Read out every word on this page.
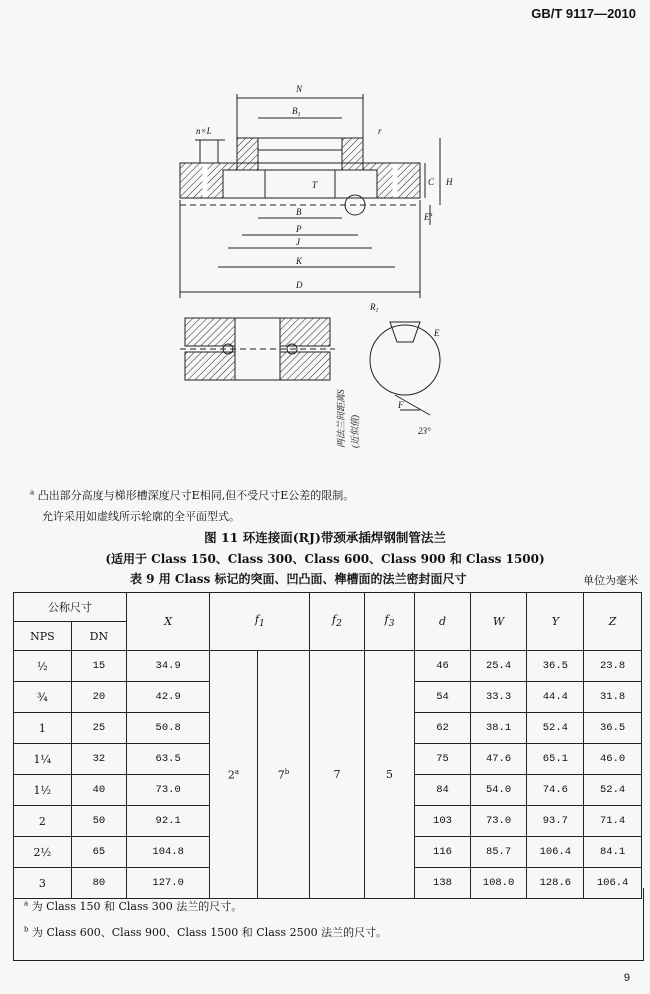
GB/T 9117—2010
N
$B_1$
n×L	r
T	C H
$E^a$
B
P
J
K
D
$R_1$
E
F
23°
两法兰间距离S (近似值)
$^a$ 凸出部分高度与梯形槽深度尺寸E相同,但不受尺寸E公差的限制。
允许采用如虚线所示轮廓的全平面型式。
图 11 环连接面(RJ)带颈承插焊钢制管法兰
(适用于 Class 150、Class 300、Class 600、Class 900 和 Class 1500)
表 9 用 Class 标记的突面、凹凸面、榫槽面的法兰密封面尺寸	单位为毫米
公称尺寸		X	$f_1$		$f_2$	$f_3$	d	W	Y	Z
NPS	DN									
½	15	34.9	2$^a$	7$^b$	7	5	46	25.4	36.5	23.8
¾	20	42.9					54	33.3	44.4	31.8
1	25	50.8					62	38.1	52.4	36.5
1¼	32	63.5					75	47.6	65.1	46.0
1½	40	73.0					84	54.0	74.6	52.4
2	50	92.1					103	73.0	93.7	71.4
2½	65	104.8					116	85.7	106.4	84.1
3	80	127.0					138	108.0	128.6	106.4
$^a$ 为 Class 150 和 Class 300 法兰的尺寸。
$^b$ 为 Class 600、Class 900、Class 1500 和 Class 2500 法兰的尺寸。
9
